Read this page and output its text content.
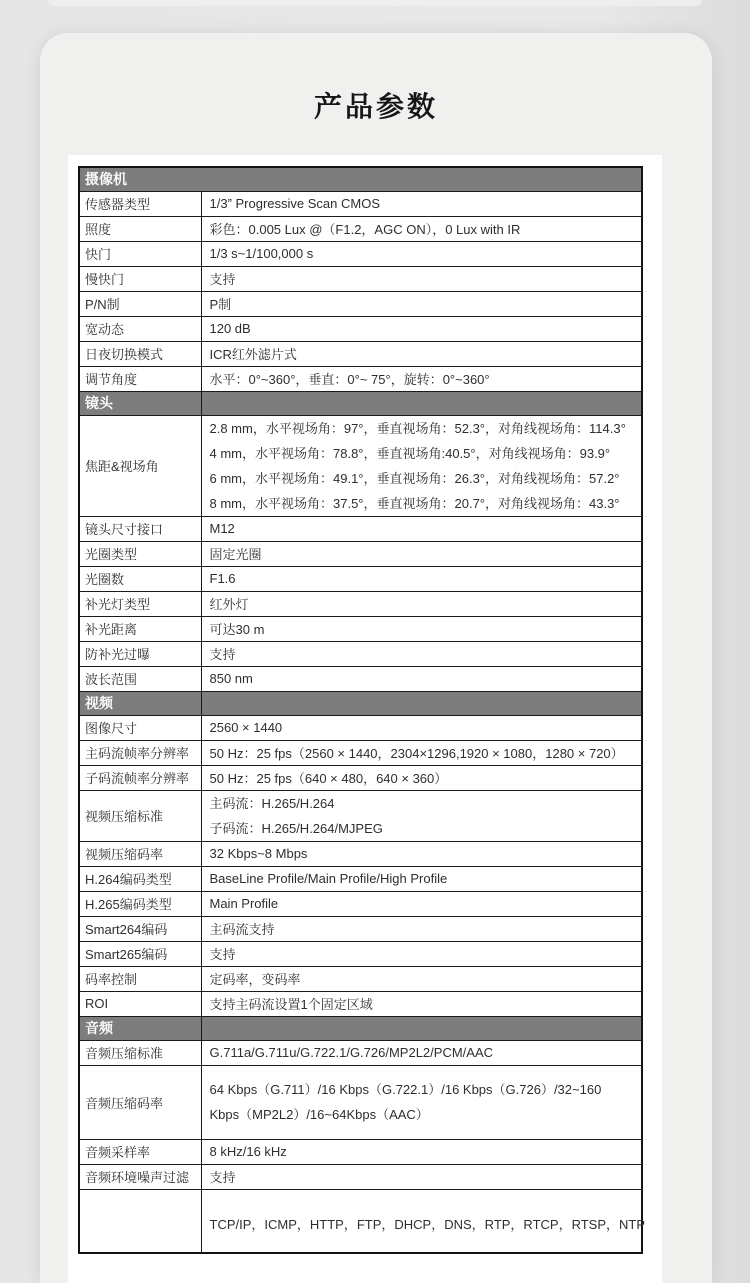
产品参数
摄像机	
传感器类型	1/3” Progressive Scan CMOS
照度	彩色：0.005 Lux @（F1.2，AGC ON），0 Lux with IR
快门	1/3 s~1/100,000 s
慢快门	支持
P/N制	P制
宽动态	120 dB
日夜切换模式	ICR红外滤片式
调节角度	水平：0°~360°，垂直：0°~ 75°，旋转：0°~360°
镜头	
焦距&视场角	2.8 mm，水平视场角：97°，垂直视场角：52.3°，对角线视场角：114.3°
4 mm，水平视场角：78.8°，垂直视场角:40.5°，对角线视场角：93.9°
6 mm，水平视场角：49.1°，垂直视场角：26.3°，对角线视场角：57.2°
8 mm，水平视场角：37.5°，垂直视场角：20.7°，对角线视场角：43.3°

镜头尺寸接口	M12
光圈类型	固定光圈
光圈数	F1.6
补光灯类型	红外灯
补光距离	可达30 m
防补光过曝	支持
波长范围	850 nm
视频	
图像尺寸	2560 × 1440
主码流帧率分辨率	50 Hz：25 fps（2560 × 1440，2304×1296,1920 × 1080，1280 × 720）
子码流帧率分辨率	50 Hz：25 fps（640 × 480，640 × 360）
视频压缩标准	主码流：H.265/H.264
子码流：H.265/H.264/MJPEG

视频压缩码率	32 Kbps~8 Mbps
H.264编码类型	BaseLine Profile/Main Profile/High Profile
H.265编码类型	Main Profile
Smart264编码	主码流支持
Smart265编码	支持
码率控制	定码率，变码率
ROI	支持主码流设置1个固定区域
音频	
音频压缩标准	G.711a/G.711u/G.722.1/G.726/MP2L2/PCM/AAC
音频压缩码率	64 Kbps（G.711）/16 Kbps（G.722.1）/16 Kbps（G.726）/32~160
Kbps（MP2L2）/16~64Kbps（AAC）

音频采样率	8 kHz/16 kHz
音频环境噪声过滤	支持
	TCP/IP，ICMP，HTTP，FTP，DHCP，DNS，RTP，RTCP，RTSP，NTP
